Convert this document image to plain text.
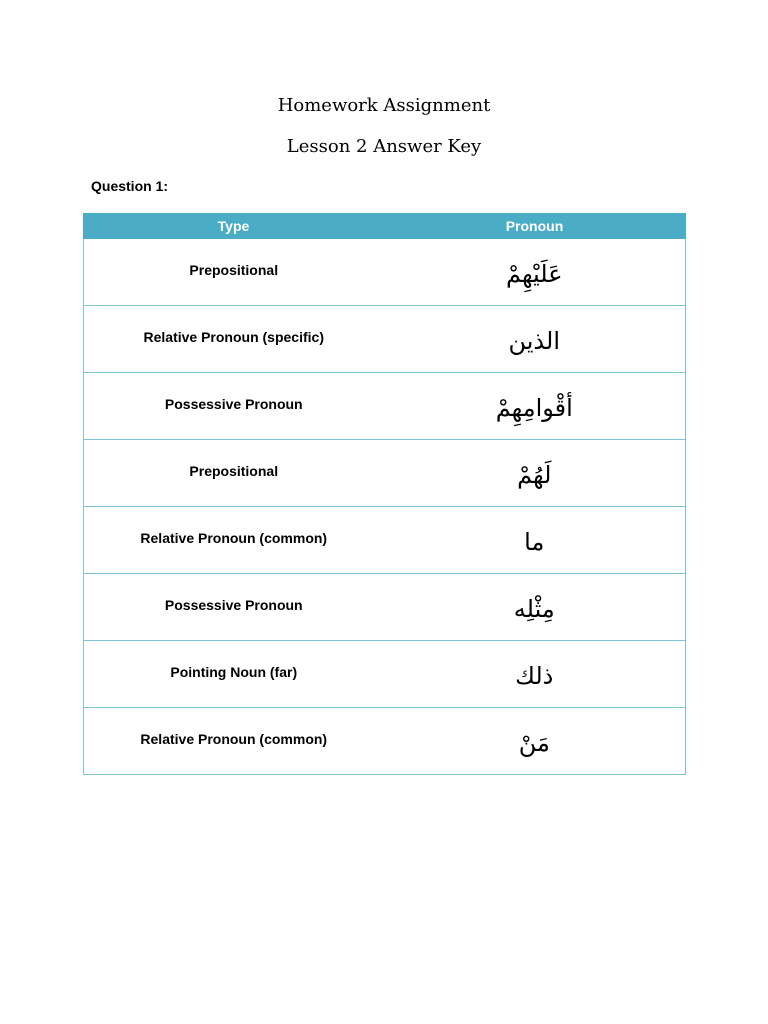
Homework Assignment
Lesson 2 Answer Key
Question 1:
Type	Pronoun
Prepositional	عَلَيْهِمْ
Relative Pronoun (specific)	الذين
Possessive Pronoun	أقْوامِهِمْ
Prepositional	لَهُمْ
Relative Pronoun (common)	ما
Possessive Pronoun	مِثْلِه
Pointing Noun (far)	ذلك
Relative Pronoun (common)	مَنْ
